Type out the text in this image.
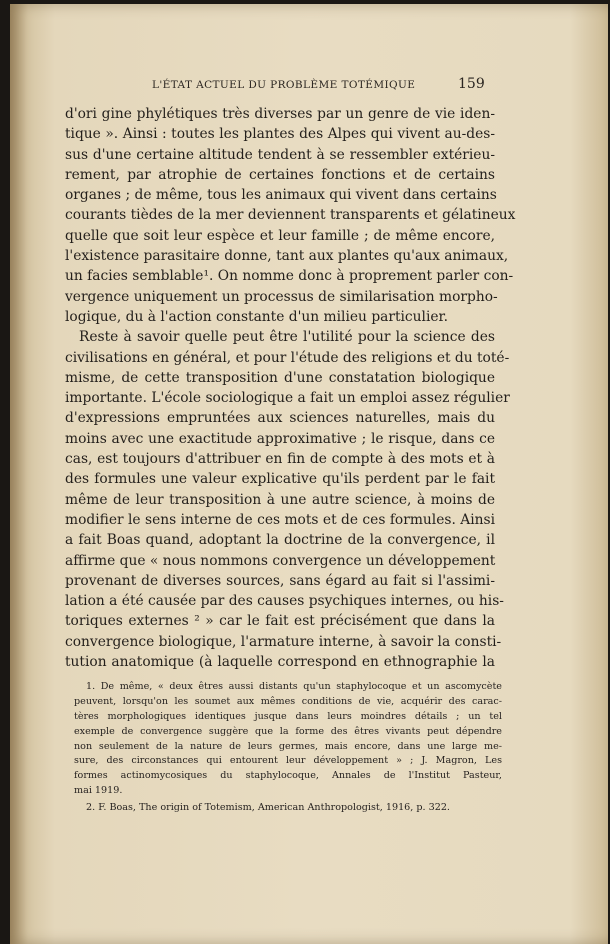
L'ÉTAT ACTUEL DU PROBLÈME TOTÉMIQUE	159
d'ori gine phylétiques très diverses par un genre de vie iden-
tique ». Ainsi : toutes les plantes des Alpes qui vivent au-des-
sus d'une certaine altitude tendent à se ressembler extérieu-
rement, par atrophie de certaines fonctions et de certains
organes ; de même, tous les animaux qui vivent dans certains
courants tièdes de la mer deviennent transparents et gélatineux
quelle que soit leur espèce et leur famille ; de même encore,
l'existence parasitaire donne, tant aux plantes qu'aux animaux,
un facies semblable¹. On nomme donc à proprement parler con-
vergence uniquement un processus de similarisation morpho-
logique, du à l'action constante d'un milieu particulier.
Reste à savoir quelle peut être l'utilité pour la science des
civilisations en général, et pour l'étude des religions et du toté-
misme, de cette transposition d'une constatation biologique
importante. L'école sociologique a fait un emploi assez régulier
d'expressions empruntées aux sciences naturelles, mais du
moins avec une exactitude approximative ; le risque, dans ce
cas, est toujours d'attribuer en fin de compte à des mots et à
des formules une valeur explicative qu'ils perdent par le fait
même de leur transposition à une autre science, à moins de
modifier le sens interne de ces mots et de ces formules. Ainsi
a fait Boas quand, adoptant la doctrine de la convergence, il
affirme que « nous nommons convergence un développement
provenant de diverses sources, sans égard au fait si l'assimi-
lation a été causée par des causes psychiques internes, ou his-
toriques externes ² » car le fait est précisément que dans la
convergence biologique, l'armature interne, à savoir la consti-
tution anatomique (à laquelle correspond en ethnographie la
1. De même, « deux êtres aussi distants qu'un staphylocoque et un ascomycète
peuvent, lorsqu'on les soumet aux mêmes conditions de vie, acquérir des carac-
tères morphologiques identiques jusque dans leurs moindres détails ; un tel
exemple de convergence suggère que la forme des êtres vivants peut dépendre
non seulement de la nature de leurs germes, mais encore, dans une large me-
sure, des circonstances qui entourent leur développement » ; J. Magron, Les
formes actinomycosiques du staphylocoque, Annales de l'Institut Pasteur,
mai 1919.
2. F. Boas, The origin of Totemism, American Anthropologist, 1916, p. 322.
